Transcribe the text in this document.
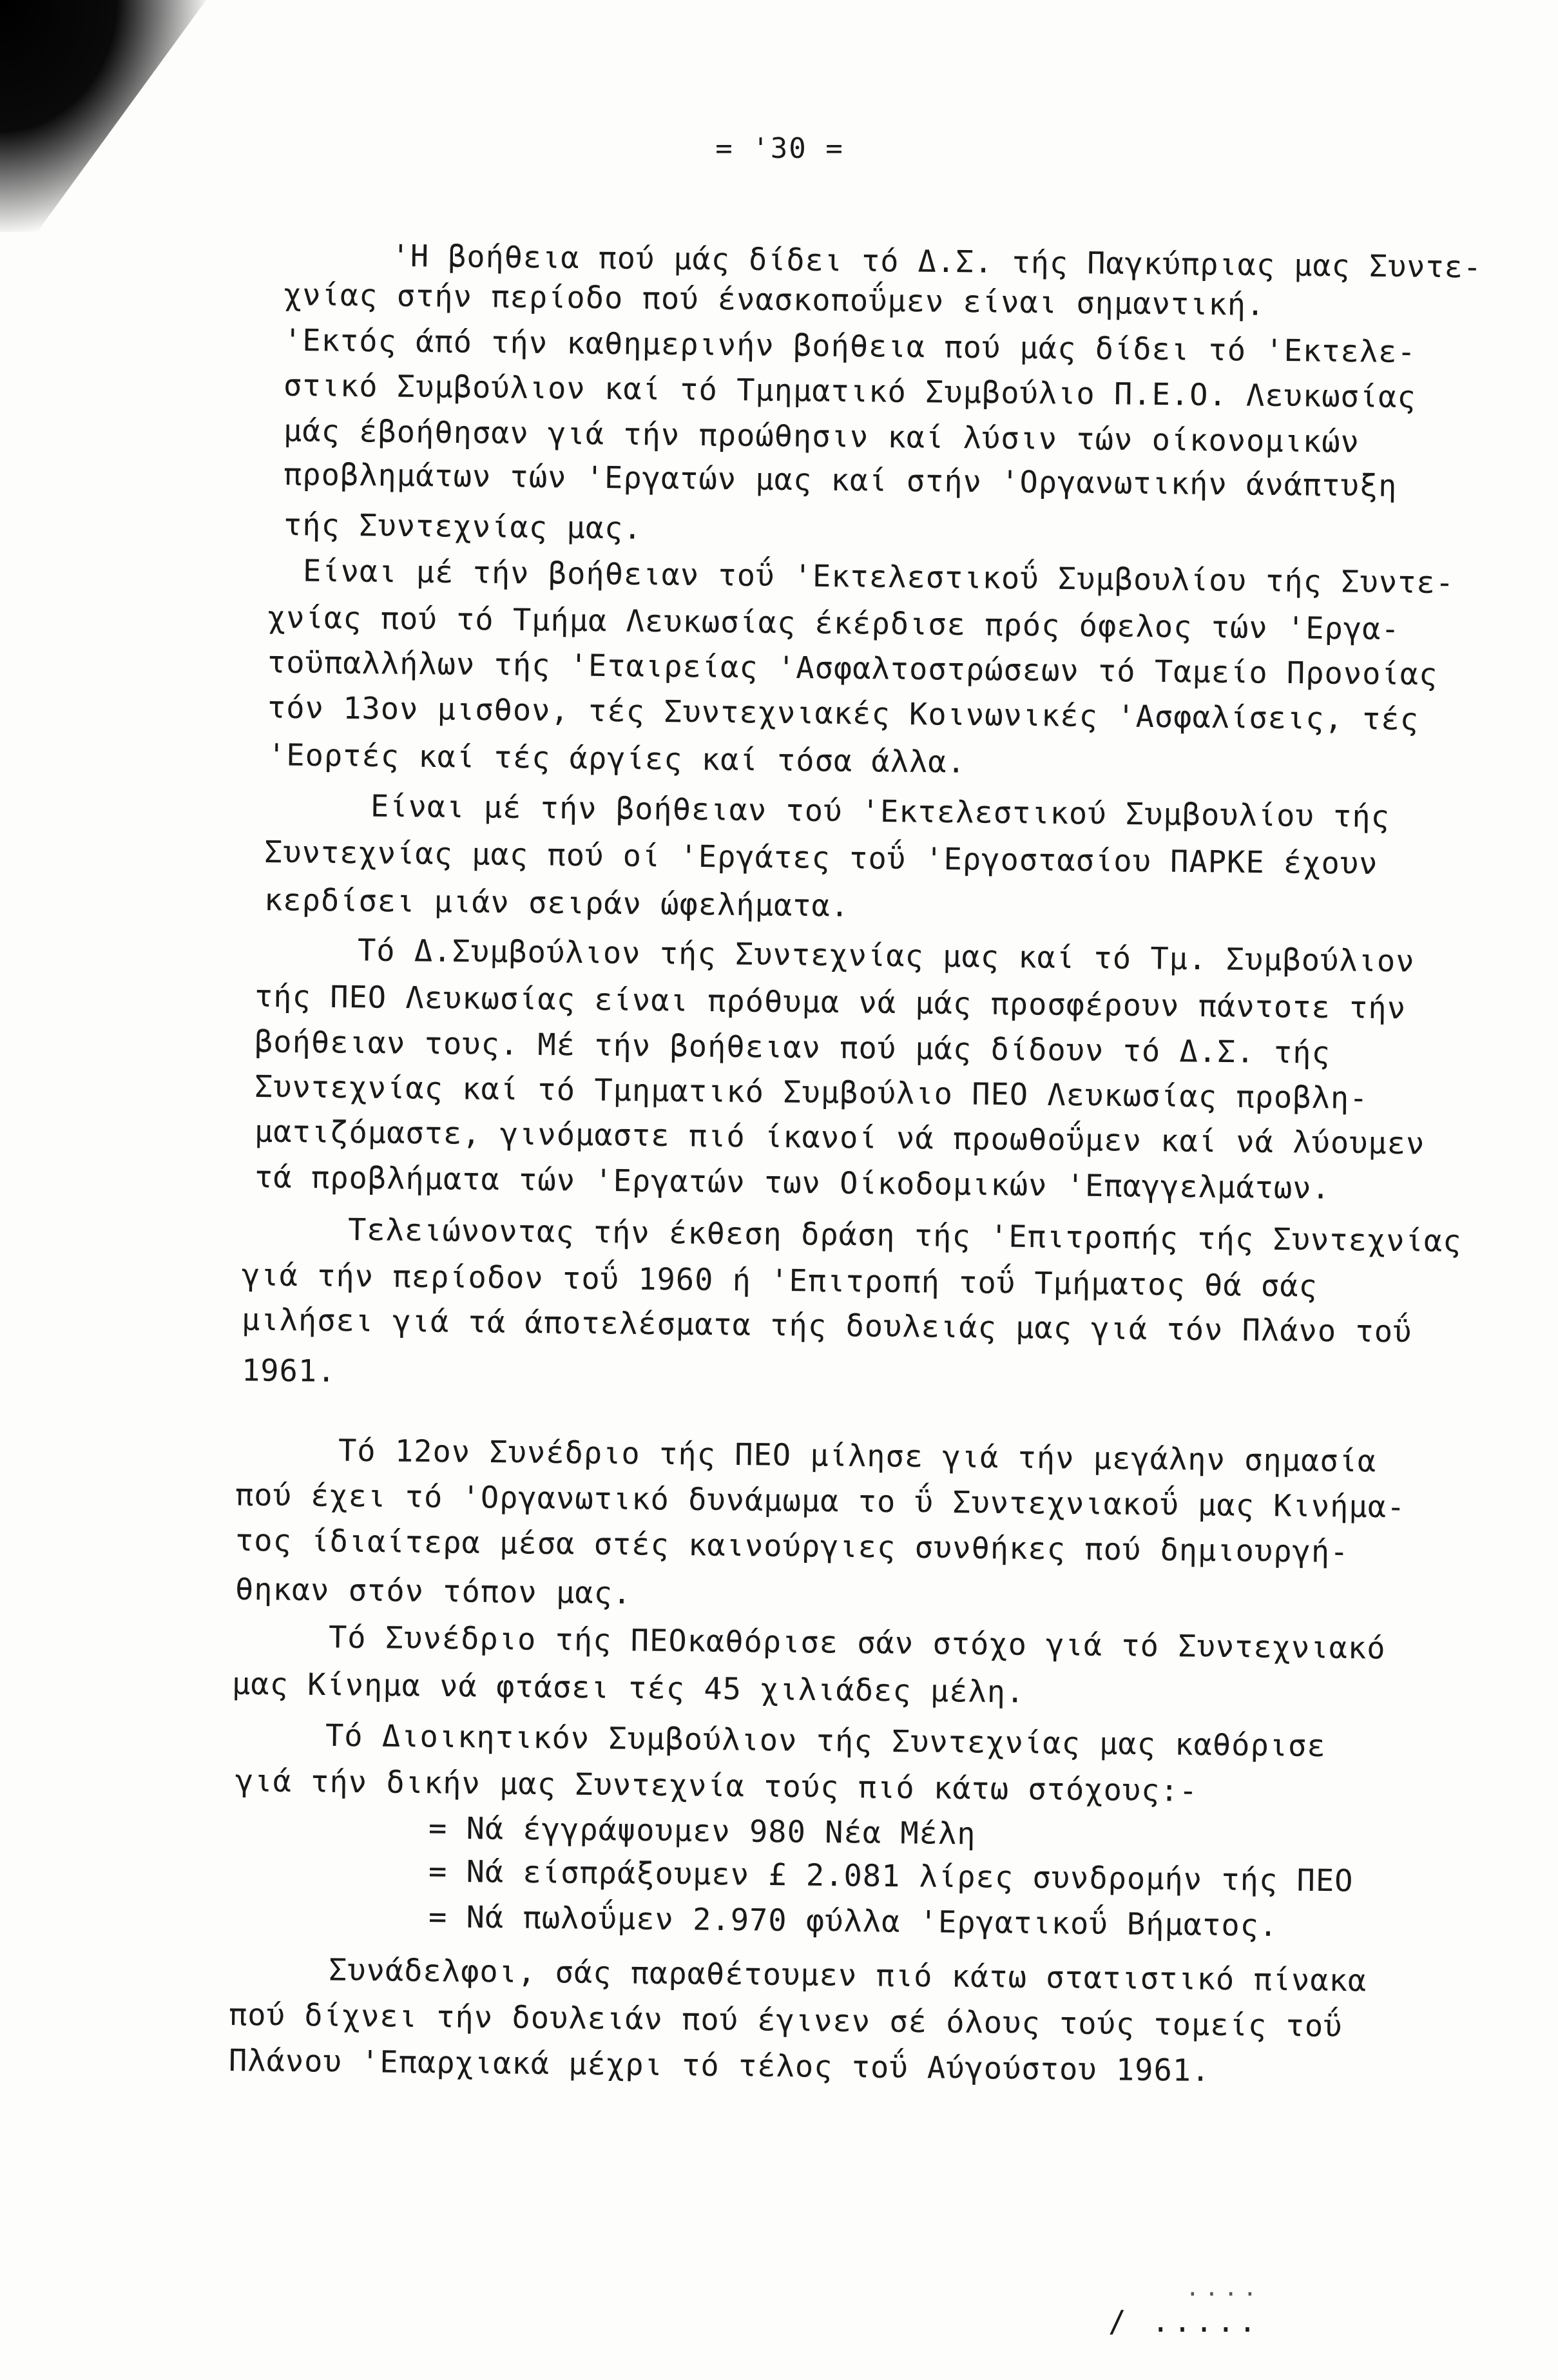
= '30 =
'Η βοήθεια πού μάς δίδει τό Δ.Σ. τής Παγκύπριας μας Συντε-
χνίας στήν περίοδο πού ένασκοποΰμεν είναι σημαντική.
'Εκτός άπό τήν καθημερινήν βοήθεια πού μάς δίδει τό 'Εκτελε-
στικό Συμβούλιον καί τό Τμηματικό Συμβούλιο Π.Ε.Ο. Λευκωσίας
μάς έβοήθησαν γιά τήν προώθησιν καί λύσιν τών οίκονομικών
προβλημάτων τών 'Εργατών μας καί στήν 'Οργανωτικήν άνάπτυξη
τής Συντεχνίας μας.
Είναι μέ τήν βοήθειαν τοΰ 'Εκτελεστικοΰ Συμβουλίου τής Συντε-
χνίας πού τό Τμήμα Λευκωσίας έκέρδισε πρός όφελος τών 'Εργα-
τοϋπαλλήλων τής 'Εταιρείας 'Ασφαλτοστρώσεων τό Ταμείο Προνοίας
τόν 13ον μισθον, τές Συντεχνιακές Κοινωνικές 'Ασφαλίσεις, τές
'Εορτές καί τές άργίες καί τόσα άλλα.
Είναι μέ τήν βοήθειαν τού 'Εκτελεστικού Συμβουλίου τής
Συντεχνίας μας πού οί 'Εργάτες τοΰ 'Εργοστασίου ΠΑΡΚΕ έχουν
κερδίσει μιάν σειράν ώφελήματα.
Τό Δ.Συμβούλιον τής Συντεχνίας μας καί τό Τμ. Συμβούλιον
τής ΠΕΟ Λευκωσίας είναι πρόθυμα νά μάς προσφέρουν πάντοτε τήν
βοήθειαν τους. Μέ τήν βοήθειαν πού μάς δίδουν τό Δ.Σ. τής
Συντεχνίας καί τό Τμηματικό Συμβούλιο ΠΕΟ Λευκωσίας προβλη-
ματιζόμαστε, γινόμαστε πιό ίκανοί νά προωθοΰμεν καί νά λύουμεν
τά προβλήματα τών 'Εργατών των Οίκοδομικών 'Επαγγελμάτων.
Τελειώνοντας τήν έκθεση δράση τής 'Επιτροπής τής Συντεχνίας
γιά τήν περίοδον τοΰ 1960 ή 'Επιτροπή τοΰ Τμήματος θά σάς
μιλήσει γιά τά άποτελέσματα τής δουλειάς μας γιά τόν Πλάνο τοΰ
1961.
Τό 12ον Συνέδριο τής ΠΕΟ μίλησε γιά τήν μεγάλην σημασία
πού έχει τό 'Οργανωτικό δυνάμωμα το ΰ Συντεχνιακοΰ μας Κινήμα-
τος ίδιαίτερα μέσα στές καινούργιες συνθήκες πού δημιουργή-
θηκαν στόν τόπον μας.
Τό Συνέδριο τής ΠΕΟκαθόρισε σάν στόχο γιά τό Συντεχνιακό
μας Κίνημα νά φτάσει τές 45 χιλιάδες μέλη.
Τό Διοικητικόν Συμβούλιον τής Συντεχνίας μας καθόρισε
γιά τήν δικήν μας Συντεχνία τούς πιό κάτω στόχους:-
= Νά έγγράψουμεν 980 Νέα Μέλη
= Νά είσπράξουμεν £ 2.081 λίρες συνδρομήν τής ΠΕΟ
= Νά πωλοΰμεν 2.970 φύλλα 'Εργατικοΰ Βήματος.
Συνάδελφοι, σάς παραθέτουμεν πιό κάτω στατιστικό πίνακα
πού δίχνει τήν δουλειάν πού έγινεν σέ όλους τούς τομείς τοΰ
Πλάνου 'Επαρχιακά μέχρι τό τέλος τοΰ Αύγούστου 1961.
....
/ .....
